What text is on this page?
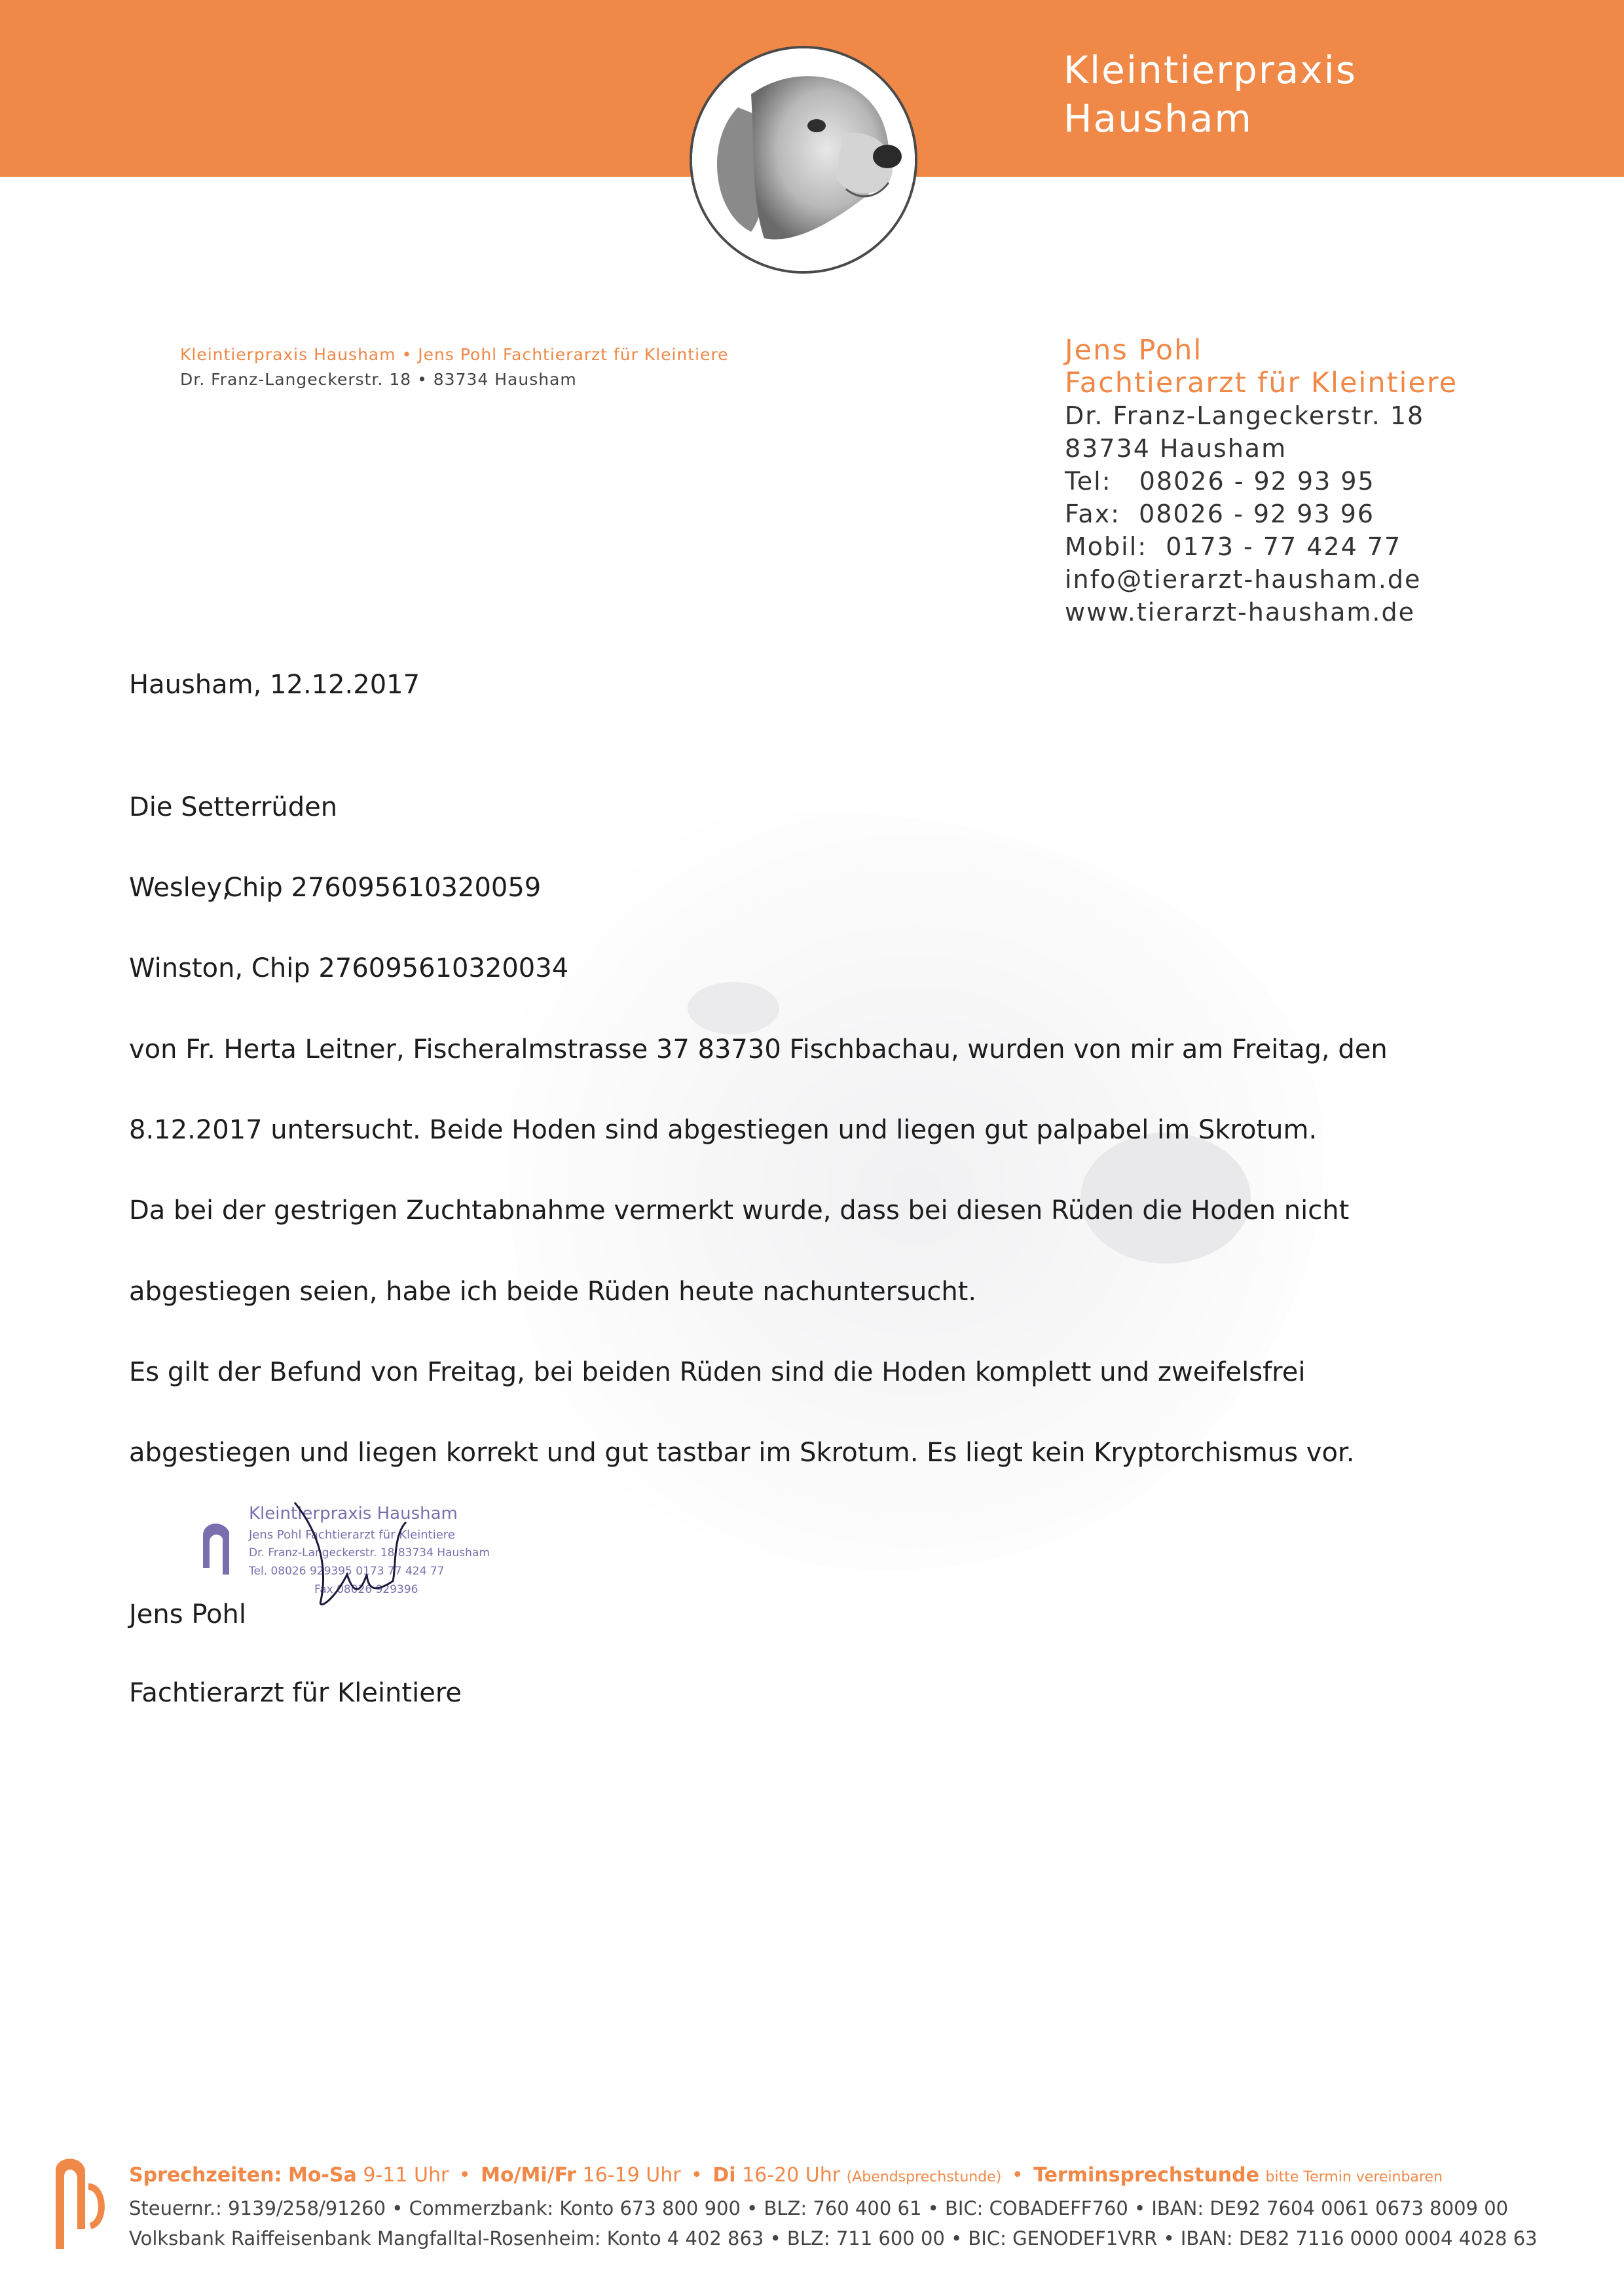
Kleintierpraxis
Hausham
Kleintierpraxis Hausham • Jens Pohl Fachtierarzt für Kleintiere
Dr. Franz-Langeckerstr. 18 • 83734 Hausham
Jens Pohl
Fachtierarzt für Kleintiere
Dr. Franz-Langeckerstr. 18
83734 Hausham
Tel:   08026 - 92 93 95
Fax:  08026 - 92 93 96
Mobil:  0173 - 77 424 77
info@tierarzt-hausham.de
www.tierarzt-hausham.de
Hausham, 12.12.2017
Die Setterrüden
Wesley,Chip 276095610320059
Winston, Chip 276095610320034
von Fr. Herta Leitner, Fischeralmstrasse 37 83730 Fischbachau, wurden von mir am Freitag, den
8.12.2017 untersucht. Beide Hoden sind abgestiegen und liegen gut palpabel im Skrotum.
Da bei der gestrigen Zuchtabnahme vermerkt wurde, dass bei diesen Rüden die Hoden nicht
abgestiegen seien, habe ich beide Rüden heute nachuntersucht.
Es gilt der Befund von Freitag, bei beiden Rüden sind die Hoden komplett und zweifelsfrei
abgestiegen und liegen korrekt und gut tastbar im Skrotum. Es liegt kein Kryptorchismus vor.
Kleintierpraxis Hausham
Jens Pohl Fachtierarzt für Kleintiere
Dr. Franz-Langeckerstr. 18 83734 Hausham
Tel. 08026 929395 0173 77 424 77
Fax 08026 929396
Jens Pohl
Fachtierarzt für Kleintiere
Sprechzeiten: Mo-Sa 9-11 Uhr • Mo/Mi/Fr 16-19 Uhr • Di 16-20 Uhr (Abendsprechstunde) • Terminsprechstunde bitte Termin vereinbaren
Steuernr.: 9139/258/91260 • Commerzbank: Konto 673 800 900 • BLZ: 760 400 61 • BIC: COBADEFF760 • IBAN: DE92 7604 0061 0673 8009 00
Volksbank Raiffeisenbank Mangfalltal-Rosenheim: Konto 4 402 863 • BLZ: 711 600 00 • BIC: GENODEF1VRR • IBAN: DE82 7116 0000 0004 4028 63
